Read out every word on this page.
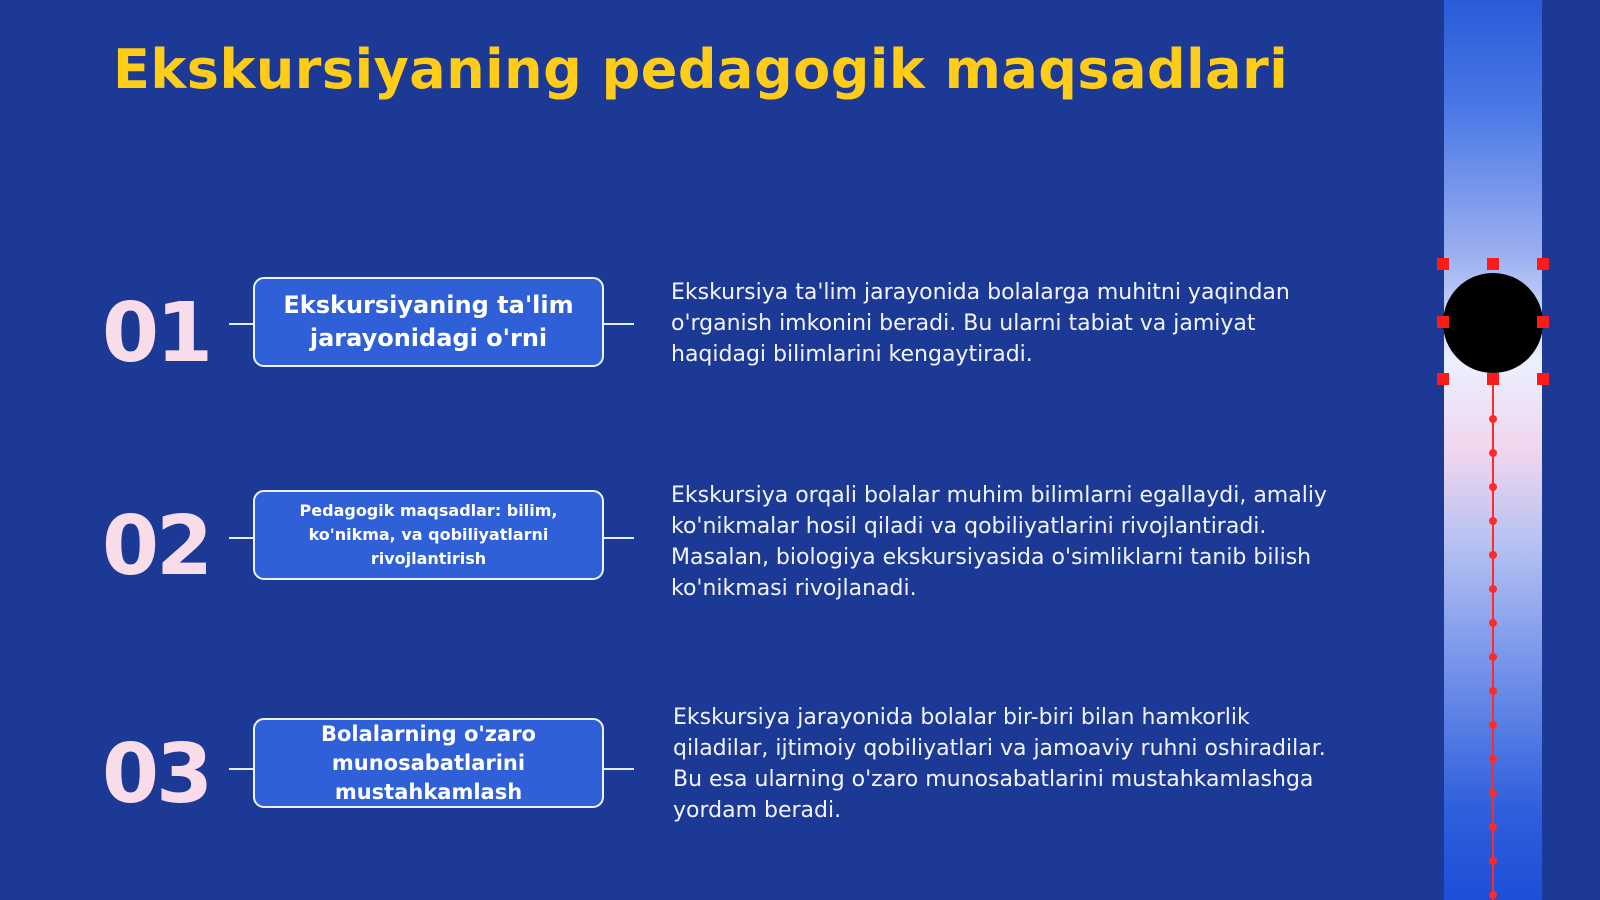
Ekskursiyaning pedagogik maqsadlari
01	Ekskursiyaning ta'lim jarayonidagi o'rni
Ekskursiya ta'lim jarayonida bolalarga muhitni yaqindan o'rganish imkonini beradi. Bu ularni tabiat va jamiyat haqidagi bilimlarini kengaytiradi.
02	Pedagogik maqsadlar: bilim, ko'nikma, va qobiliyatlarni rivojlantirish
Ekskursiya orqali bolalar muhim bilimlarni egallaydi, amaliy ko'nikmalar hosil qiladi va qobiliyatlarini rivojlantiradi. Masalan, biologiya ekskursiyasida o'simliklarni tanib bilish ko'nikmasi rivojlanadi.
03	Bolalarning o'zaro munosabatlarini mustahkamlash
Ekskursiya jarayonida bolalar bir-biri bilan hamkorlik qiladilar, ijtimoiy qobiliyatlari va jamoaviy ruhni oshiradilar. Bu esa ularning o'zaro munosabatlarini mustahkamlashga yordam beradi.
